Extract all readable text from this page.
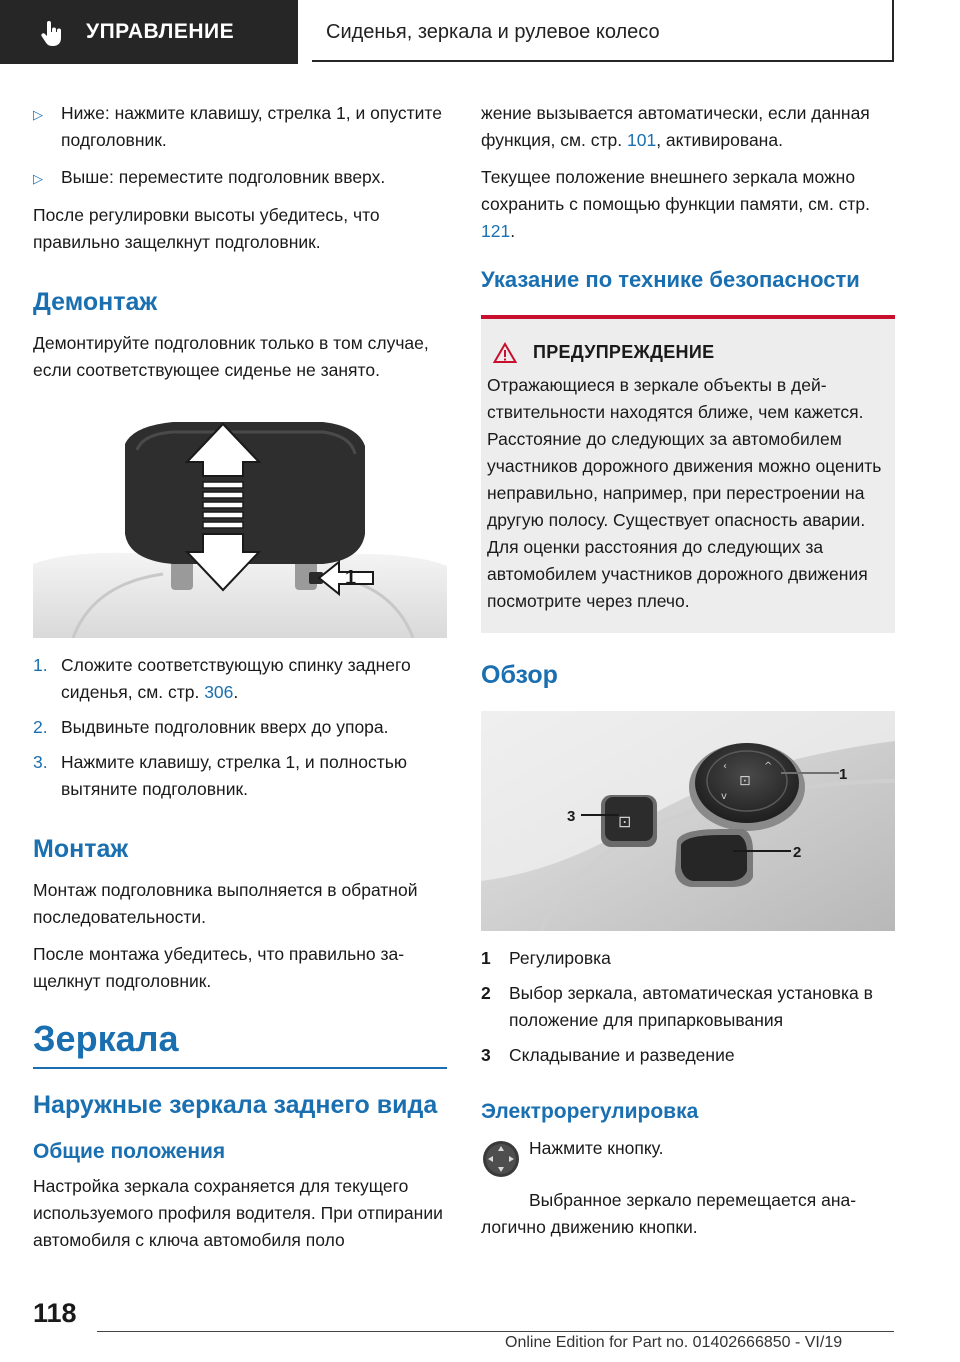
УПРАВЛЕНИЕ	Сиденья, зеркала и рулевое колесо
▷	Ниже: нажмите клавишу, стрелка 1, и опустите подголовник.
▷	Выше: переместите подголовник вверх.

После регулировки высоты убедитесь, что правильно защелкнут подголовник.

Демонтаж

Демонтируйте подголовник только в том случае, если соответствующее сиденье не занято.

1
1. Сложите соответствующую спинку заднего сиденья, см. стр. 306.
2. Выдвиньте подголовник вверх до упора.
3. Нажмите клавишу, стрелка 1, и полностью вытяните подголовник.
Монтаж

Монтаж подголовника выполняется в обратной последовательности.

После монтажа убедитесь, что правильно защелкнут подголовник.

Зеркала
Наружные зеркала заднего вида
Общие положения

Настройка зеркала сохраняется для текущего используемого профиля водителя. При отпирании автомобиля с ключа автомобиля поло

жение вызывается автоматически, если данная функция, см. стр. 101, активирована.

Текущее положение внешнего зеркала можно сохранить с помощью функции памяти, см. стр. 121.

Указание по технике безопасности
ПРЕДУПРЕЖДЕНИЕ
Отражающиеся в зеркале объекты в действительности находятся ближе, чем кажется. Расстояние до следующих за автомобилем участников дорожного движения можно оценить неправильно, например, при перестроении на другую полосу. Существует опасность аварии. Для оценки расстояния до следующих за автомобилем участников дорожного движения посмотрите через плечо.
Обзор
‹	^
v
⊡
⊡
1
2
3
1	Регулировка
2	Выбор зеркала, автоматическая установка в положение для припарковывания
3	Складывание и разведение
Электрорегулировка

Нажмите кнопку.

Выбранное зеркало перемещается аналогично движению кнопки.

118
Online Edition for Part no. 01402666850 - VI/19
